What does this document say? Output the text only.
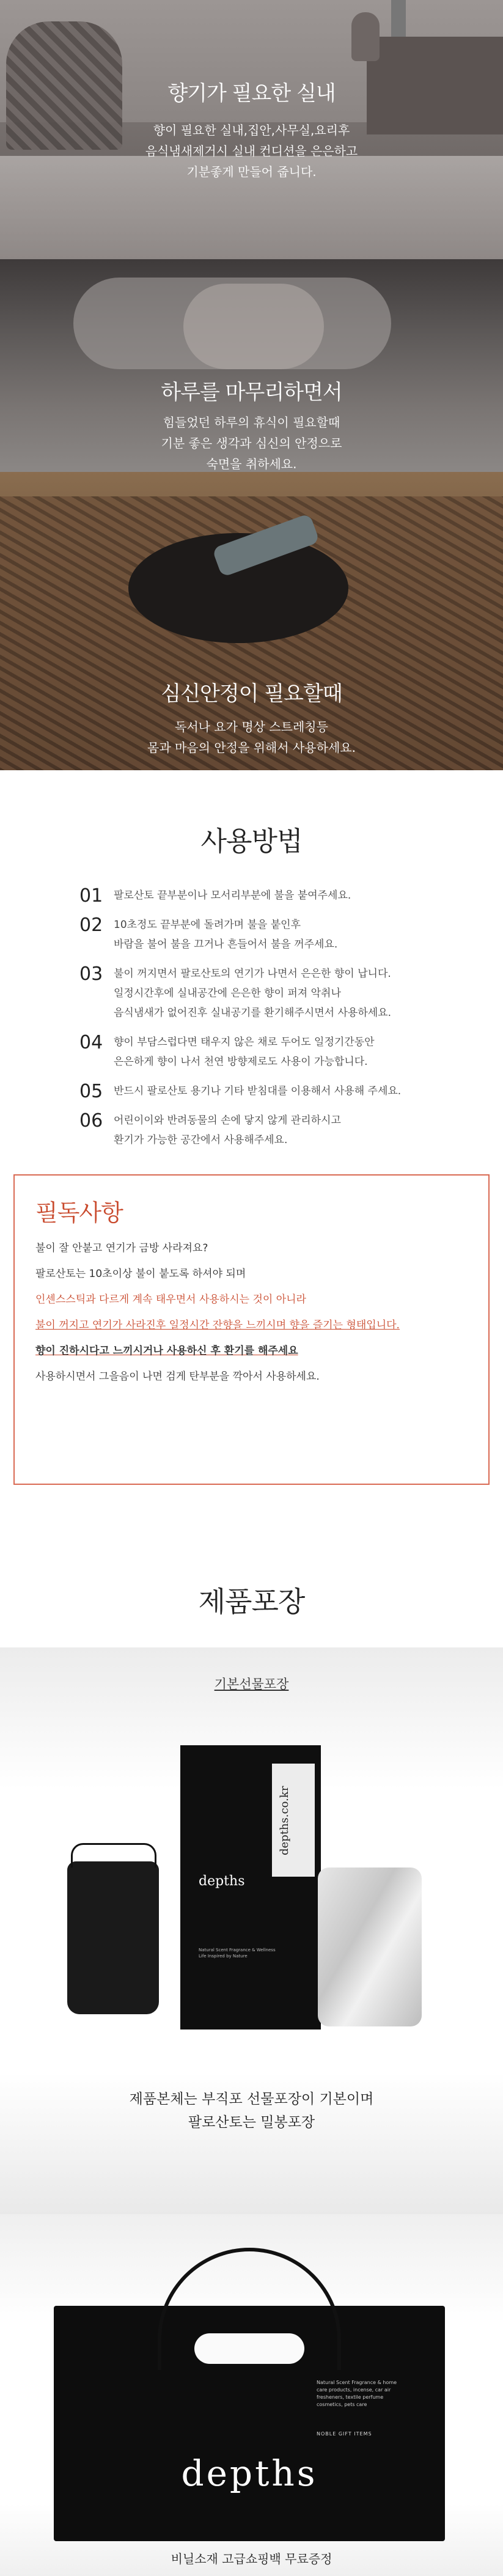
향기가 필요한 실내
향이 필요한 실내,집안,사무실,요리후
음식냄새제거시 실내 컨디션을 은은하고
기분좋게 만들어 줍니다.
하루를 마무리하면서
힘들었던 하루의 휴식이 필요할때
기분 좋은 생각과 심신의 안정으로
숙면을 취하세요.
심신안정이 필요할때
독서나 요가 명상 스트레칭등
몸과 마음의 안정을 위해서 사용하세요.
사용방법
01	팔로산토 끝부분이나 모서리부분에 불을 붙여주세요.
02	10초정도 끝부분에 돌려가며 불을 붙인후
바람을 불어 불을 끄거나 흔들어서 불을 꺼주세요.
03	불이 꺼지면서 팔로산토의 연기가 나면서 은은한 향이 납니다.
일정시간후에 실내공간에 은은한 향이 퍼져 악취나
음식냄새가 없어진후 실내공기를 환기해주시면서 사용하세요.
04	향이 부담스럽다면 태우지 않은 채로 두어도 일정기간동안
은은하게 향이 나서 천연 방향제로도 사용이 가능합니다.
05	반드시 팔로산토 용기나 기타 받침대를 이용해서 사용해 주세요.
06	어린이이와 반려동물의 손에 닿지 않게 관리하시고
환기가 가능한 공간에서 사용해주세요.
필독사항
불이 잘 안붙고 연기가 금방 사라져요?
팔로산토는 10초이상 불이 붙도록 하셔야 되며
인센스스틱과 다르게 계속 태우면서 사용하시는 것이 아니라
불이 꺼지고 연기가 사라진후 일정시간 잔향을 느끼시며 향을 즐기는 형태입니다.
향이 진하시다고 느끼시거나 사용하신 후 환기를 해주세요
사용하시면서 그을음이 나면 검게 탄부분을 깍아서 사용하세요.
제품포장
기본선물포장
depths.co.kr
depths
Natural Scent Fragrance & Wellness Life Inspired by Nature
제품본체는 부직포 선물포장이 기본이며
팔로산토는 밀봉포장
Natural Scent Fragrance & home care products, incense, car air fresheners, textile perfume cosmetics, pets care
NOBLE GIFT ITEMS
depths
비닐소재 고급쇼핑백 무료증정
